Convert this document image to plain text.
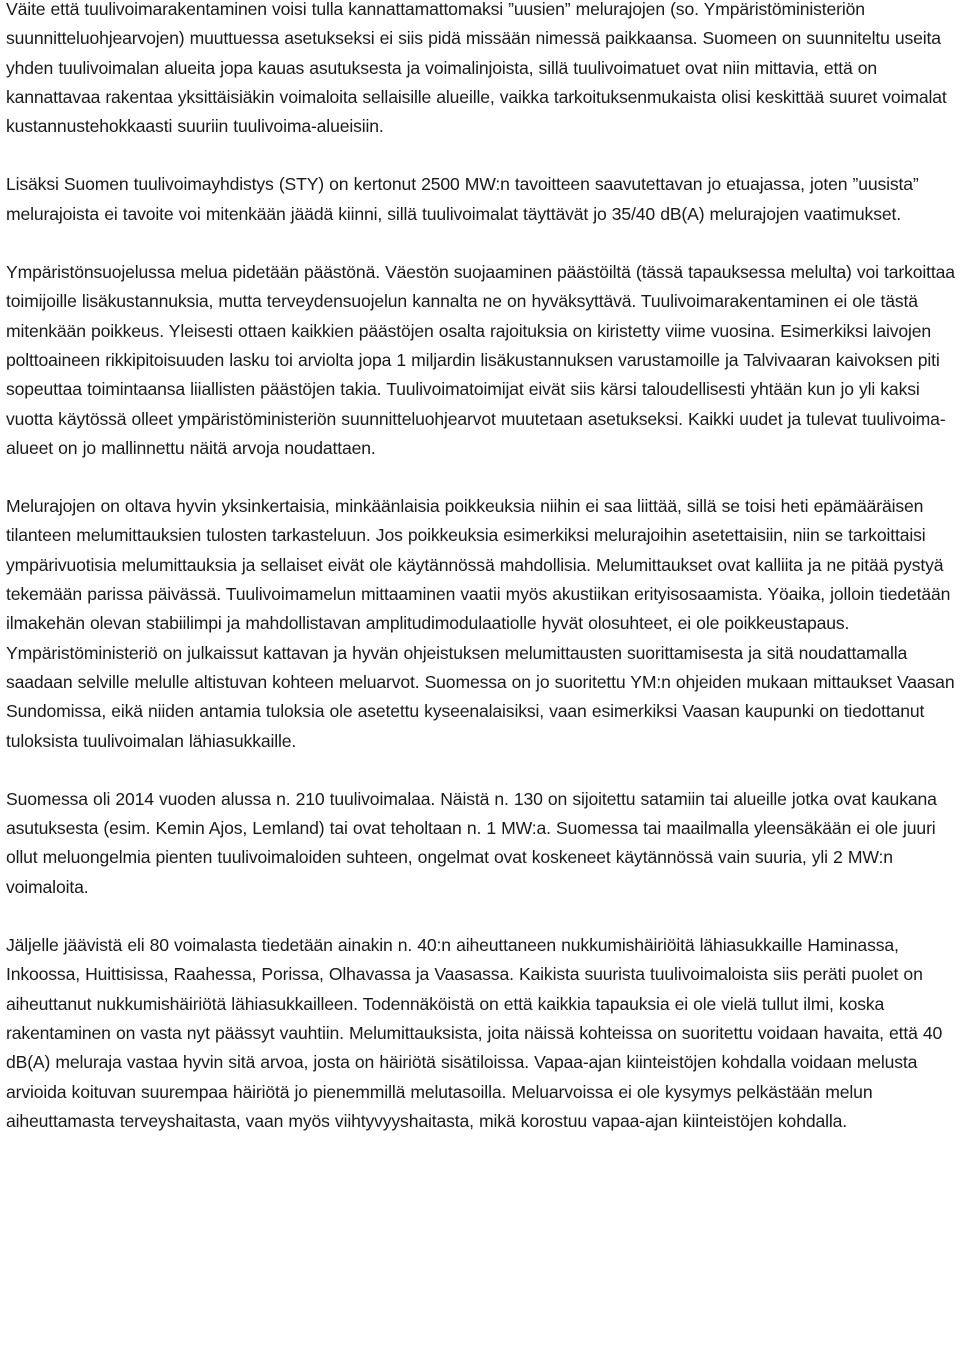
Väite että tuulivoimarakentaminen voisi tulla kannattamattomaksi ”uusien” melurajojen (so. Ympäristöministeriön suunnitteluohjearvojen) muuttuessa asetukseksi ei siis pidä missään nimessä paikkaansa. Suomeen on suunniteltu useita yhden tuulivoimalan alueita jopa kauas asutuksesta ja voimalinjoista, sillä tuulivoimatuet ovat niin mittavia, että on kannattavaa rakentaa yksittäisiäkin voimaloita sellaisille alueille, vaikka tarkoituksenmukaista olisi keskittää suuret voimalat kustannustehokkaasti suuriin tuulivoima-alueisiin.

Lisäksi Suomen tuulivoimayhdistys (STY) on kertonut 2500 MW:n tavoitteen saavutettavan jo etuajassa, joten ”uusista” melurajoista ei tavoite voi mitenkään jäädä kiinni, sillä tuulivoimalat täyttävät jo 35/40 dB(A) melurajojen vaatimukset.

Ympäristönsuojelussa melua pidetään päästönä. Väestön suojaaminen päästöiltä (tässä tapauksessa melulta) voi tarkoittaa toimijoille lisäkustannuksia, mutta terveydensuojelun kannalta ne on hyväksyttävä. Tuulivoimarakentaminen ei ole tästä mitenkään poikkeus. Yleisesti ottaen kaikkien päästöjen osalta rajoituksia on kiristetty viime vuosina. Esimerkiksi laivojen polttoaineen rikkipitoisuuden lasku toi arviolta jopa 1 miljardin lisäkustannuksen varustamoille ja Talvivaaran kaivoksen piti sopeuttaa toimintaansa liiallisten päästöjen takia. Tuulivoimatoimijat eivät siis kärsi taloudellisesti yhtään kun jo yli kaksi vuotta käytössä olleet ympäristöministeriön suunnitteluohjearvot muutetaan asetukseksi. Kaikki uudet ja tulevat tuulivoima-alueet on jo mallinnettu näitä arvoja noudattaen.

Melurajojen on oltava hyvin yksinkertaisia, minkäänlaisia poikkeuksia niihin ei saa liittää, sillä se toisi heti epämääräisen tilanteen melumittauksien tulosten tarkasteluun. Jos poikkeuksia esimerkiksi melurajoihin asetettaisiin, niin se tarkoittaisi ympärivuotisia melumittauksia ja sellaiset eivät ole käytännössä mahdollisia. Melumittaukset ovat kalliita ja ne pitää pystyä tekemään parissa päivässä. Tuulivoimamelun mittaaminen vaatii myös akustiikan erityisosaamista. Yöaika, jolloin tiedetään ilmakehän olevan stabiilimpi ja mahdollistavan amplitudimodulaatiolle hyvät olosuhteet, ei ole poikkeustapaus. Ympäristöministeriö on julkaissut kattavan ja hyvän ohjeistuksen melumittausten suorittamisesta ja sitä noudattamalla saadaan selville melulle altistuvan kohteen meluarvot. Suomessa on jo suoritettu YM:n ohjeiden mukaan mittaukset Vaasan Sundomissa, eikä niiden antamia tuloksia ole asetettu kyseenalaisiksi, vaan esimerkiksi Vaasan kaupunki on tiedottanut tuloksista tuulivoimalan lähiasukkaille.

Suomessa oli 2014 vuoden alussa n. 210 tuulivoimalaa. Näistä n. 130 on sijoitettu satamiin tai alueille jotka ovat kaukana asutuksesta (esim. Kemin Ajos, Lemland) tai ovat teholtaan n. 1 MW:a. Suomessa tai maailmalla yleensäkään ei ole juuri ollut meluongelmia pienten tuulivoimaloiden suhteen, ongelmat ovat koskeneet käytännössä vain suuria, yli 2 MW:n voimaloita.

Jäljelle jäävistä eli 80 voimalasta tiedetään ainakin n. 40:n aiheuttaneen nukkumishäiriöitä lähiasukkaille Haminassa, Inkoossa, Huittisissa, Raahessa, Porissa, Olhavassa ja Vaasassa. Kaikista suurista tuulivoimaloista siis peräti puolet on aiheuttanut nukkumishäiriötä lähiasukkailleen. Todennäköistä on että kaikkia tapauksia ei ole vielä tullut ilmi, koska rakentaminen on vasta nyt päässyt vauhtiin. Melumittauksista, joita näissä kohteissa on suoritettu voidaan havaita, että 40 dB(A) meluraja vastaa hyvin sitä arvoa, josta on häiriötä sisätiloissa. Vapaa-ajan kiinteistöjen kohdalla voidaan melusta arvioida koituvan suurempaa häiriötä jo pienemmillä melutasoilla. Meluarvoissa ei ole kysymys pelkästään melun aiheuttamasta terveyshaitasta, vaan myös viihtyvyyshaitasta, mikä korostuu vapaa-ajan kiinteistöjen kohdalla.
